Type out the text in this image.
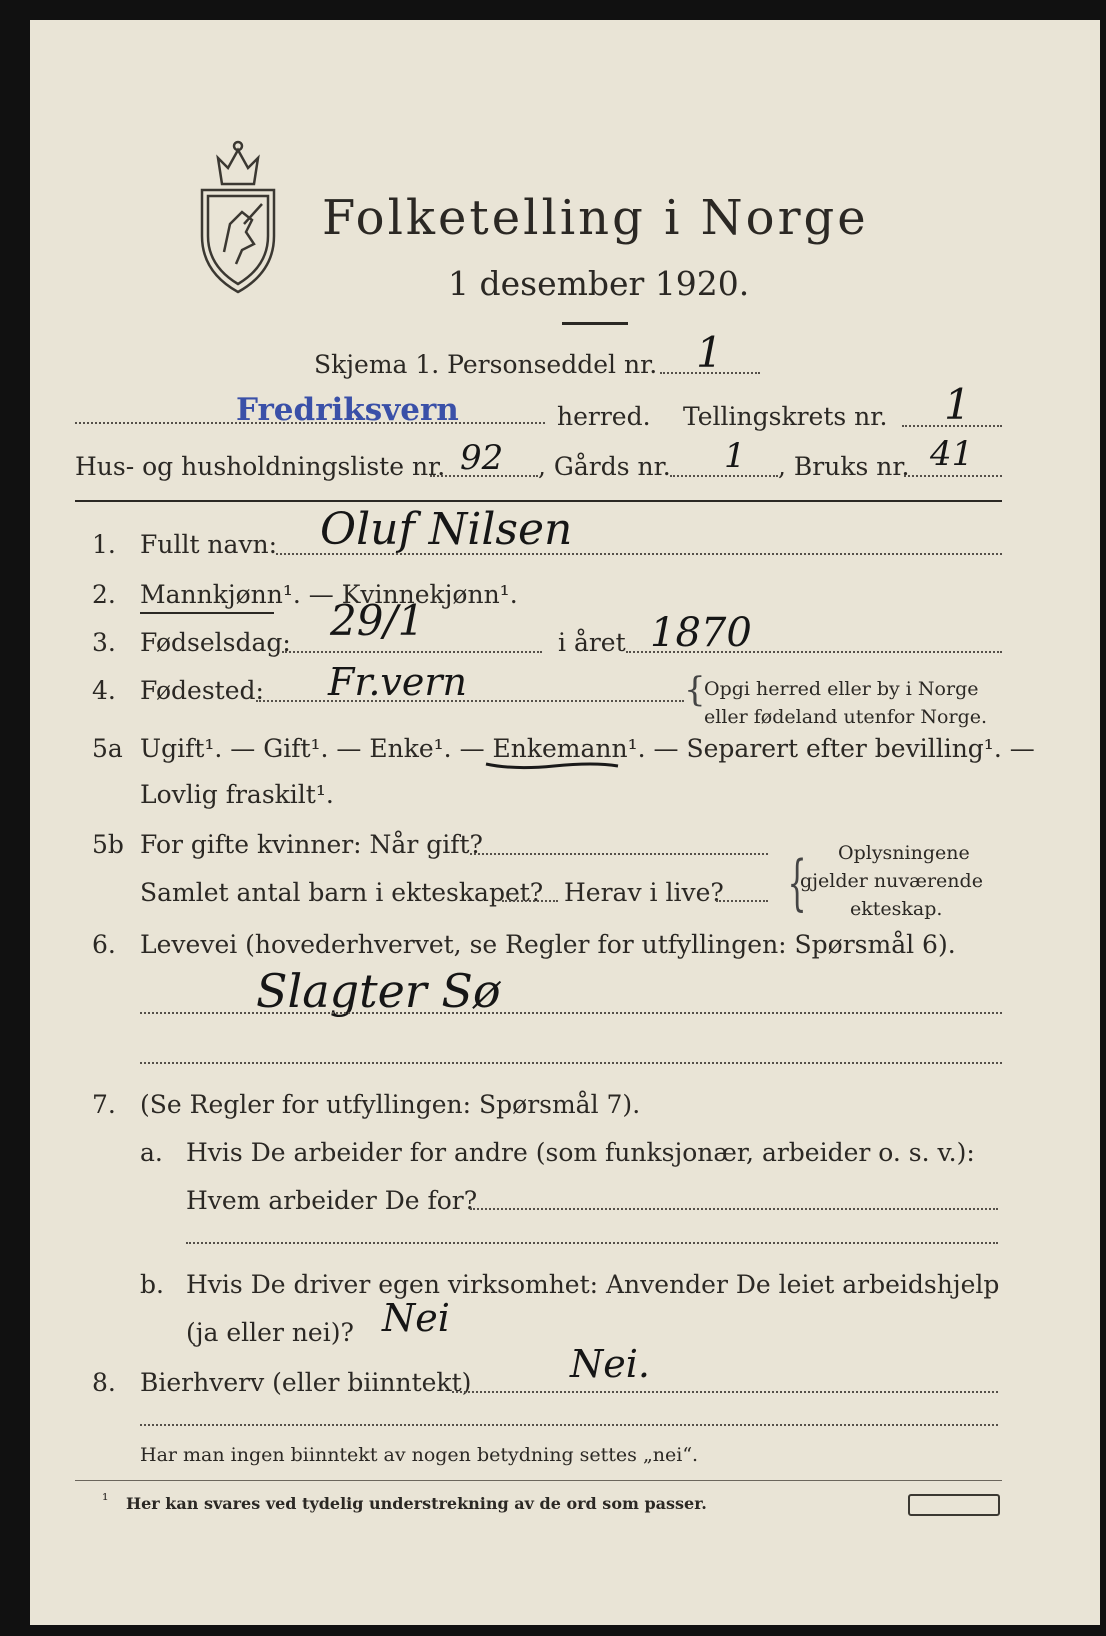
Folketelling i Norge
1 desember 1920.
Skjema 1. Personseddel nr. 1
Fredriksvern	herred. Tellingskrets nr. 1
Hus- og husholdningsliste nr. 92 , Gårds nr. 1 , Bruks nr. 41
1. Fullt navn: Oluf Nilsen
2. Mannkjønn¹. — Kvinnekjønn¹.
3. Fødselsdag: 29/1	i året 1870
4. Fødested: Fr.vern	{
Opgi herred eller by i Norge
eller fødeland utenfor Norge.
5a Ugift¹. — Gift¹. — Enke¹. — Enkemann¹. — Separert efter bevilling¹. —
Lovlig fraskilt¹.
5b For gifte kvinner: Når gift?
Samlet antal barn i ekteskapet? Herav i live? { Oplysningene
gjelder nuværende
ekteskap.
6. Levevei (hovederhvervet, se Regler for utfyllingen: Spørsmål 6).
Slagter Sø
7. (Se Regler for utfyllingen: Spørsmål 7).
a. Hvis De arbeider for andre (som funksjonær, arbeider o. s. v.):
Hvem arbeider De for?
b. Hvis De driver egen virksomhet: Anvender De leiet arbeidshjelp
(ja eller nei)? Nei
8. Bierhverv (eller biinntekt)	Nei.
Har man ingen biinntekt av nogen betydning settes „nei“.
¹ Her kan svares ved tydelig understrekning av de ord som passer.
